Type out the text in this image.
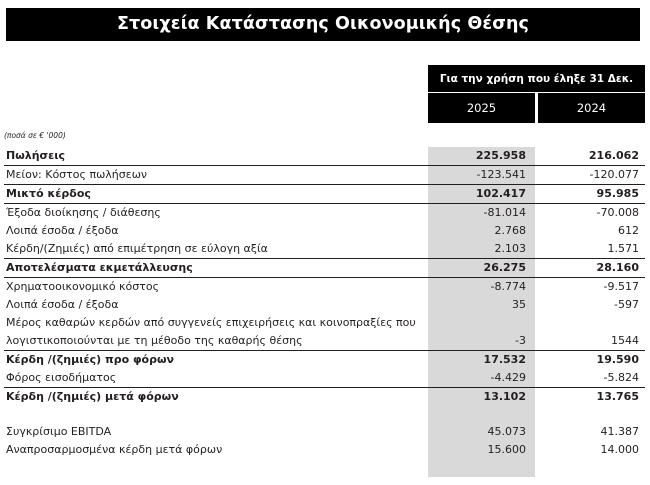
Στοιχεία Κατάστασης Οικονομικής Θέσης
Για την χρήση που έληξε 31 Δεκ.
2025	2024
(ποσά σε € '000)
Πωλήσεις	225.958	216.062
Μείον: Κόστος πωλήσεων	-123.541	-120.077
Μικτό κέρδος	102.417	95.985
Έξοδα διοίκησης / διάθεσης	-81.014	-70.008
Λοιπά έσοδα / έξοδα	2.768	612
Κέρδη/(Ζημιές) από επιμέτρηση σε εύλογη αξία	2.103	1.571
Αποτελέσματα εκμετάλλευσης	26.275	28.160
Χρηματοοικονομικό κόστος	-8.774	-9.517
Λοιπά έσοδα / έξοδα	35	-597
Μέρος καθαρών κερδών από συγγενείς επιχειρήσεις και κοινοπραξίες που		
λογιστικοποιούνται με τη μέθοδο της καθαρής θέσης	-3	1544
Κέρδη /(ζημιές) προ φόρων	17.532	19.590
Φόρος εισοδήματος	-4.429	-5.824
Κέρδη /(ζημιές) μετά φόρων	13.102	13.765

Συγκρίσιμο EBITDA	45.073	41.387
Αναπροσαρμοσμένα κέρδη μετά φόρων	15.600	14.000
